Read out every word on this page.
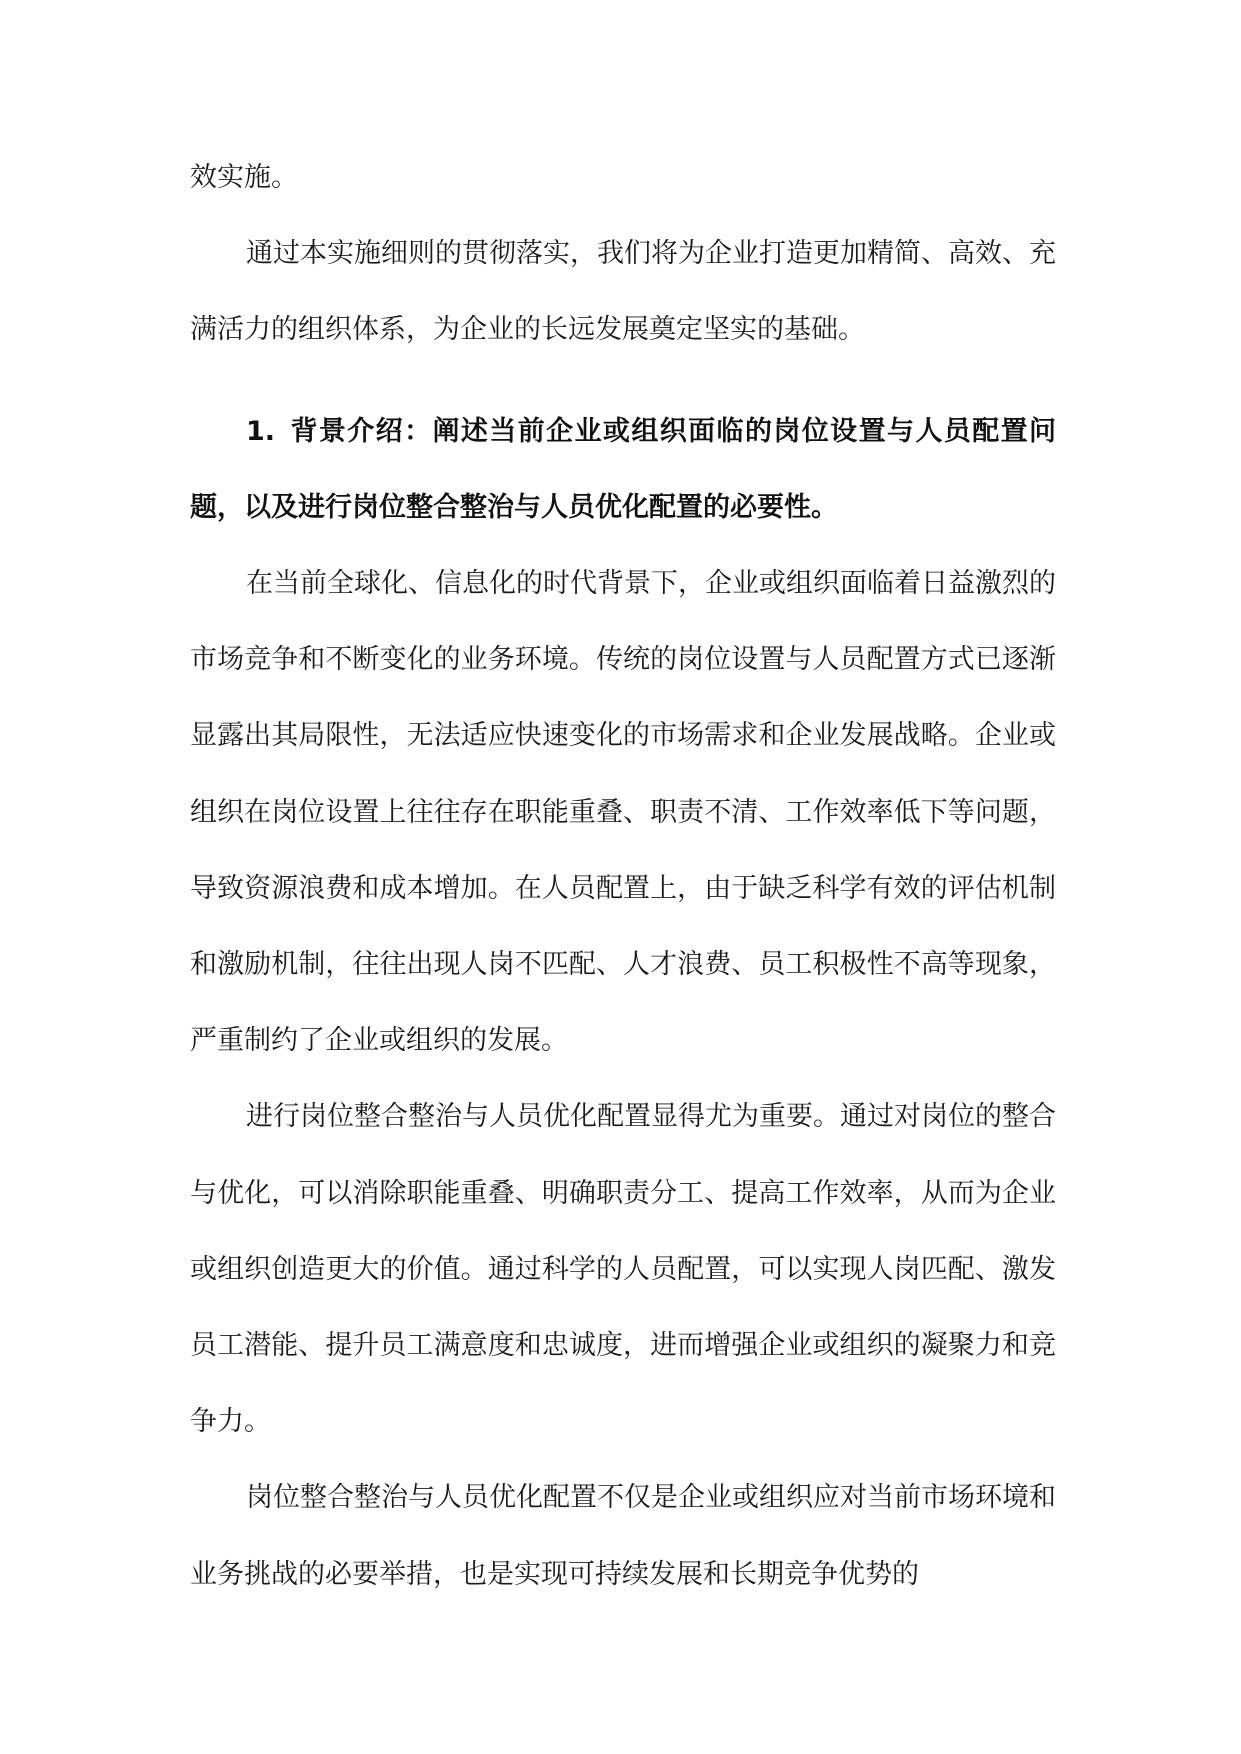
效实施。

通过本实施细则的贯彻落实，我们将为企业打造更加精简、高效、充满活力的组织体系，为企业的长远发展奠定坚实的基础。

1. 背景介绍：阐述当前企业或组织面临的岗位设置与人员配置问题，以及进行岗位整合整治与人员优化配置的必要性。

在当前全球化、信息化的时代背景下，企业或组织面临着日益激烈的市场竞争和不断变化的业务环境。传统的岗位设置与人员配置方式已逐渐显露出其局限性，无法适应快速变化的市场需求和企业发展战略。企业或组织在岗位设置上往往存在职能重叠、职责不清、工作效率低下等问题，导致资源浪费和成本增加。在人员配置上，由于缺乏科学有效的评估机制和激励机制，往往出现人岗不匹配、人才浪费、员工积极性不高等现象，严重制约了企业或组织的发展。

进行岗位整合整治与人员优化配置显得尤为重要。通过对岗位的整合与优化，可以消除职能重叠、明确职责分工、提高工作效率，从而为企业或组织创造更大的价值。通过科学的人员配置，可以实现人岗匹配、激发员工潜能、提升员工满意度和忠诚度，进而增强企业或组织的凝聚力和竞争力。

岗位整合整治与人员优化配置不仅是企业或组织应对当前市场环境和业务挑战的必要举措，也是实现可持续发展和长期竞争优势的
